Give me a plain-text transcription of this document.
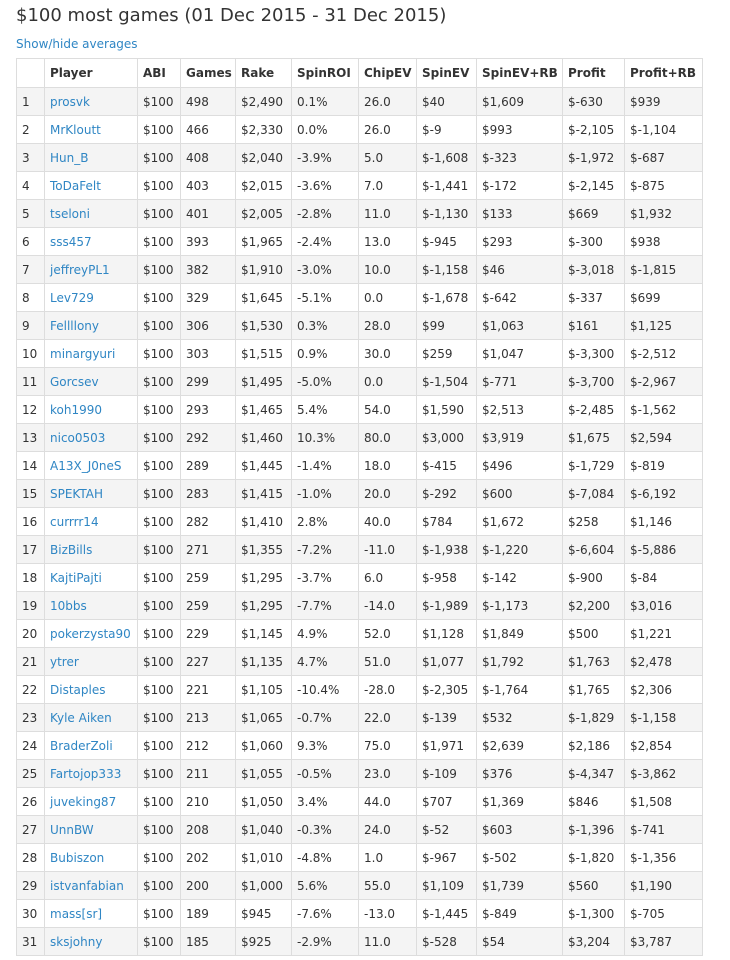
$100 most games (01 Dec 2015 - 31 Dec 2015)
Show/hide averages
	Player	ABI	Games	Rake	SpinROI	ChipEV	SpinEV	SpinEV+RB	Profit	Profit+RB
1	prosvk	$100	498	$2,490	0.1%	26.0	$40	$1,609	$-630	$939
2	MrKloutt	$100	466	$2,330	0.0%	26.0	$-9	$993	$-2,105	$-1,104
3	Hun_B	$100	408	$2,040	-3.9%	5.0	$-1,608	$-323	$-1,972	$-687
4	ToDaFelt	$100	403	$2,015	-3.6%	7.0	$-1,441	$-172	$-2,145	$-875
5	tseloni	$100	401	$2,005	-2.8%	11.0	$-1,130	$133	$669	$1,932
6	sss457	$100	393	$1,965	-2.4%	13.0	$-945	$293	$-300	$938
7	jeffreyPL1	$100	382	$1,910	-3.0%	10.0	$-1,158	$46	$-3,018	$-1,815
8	Lev729	$100	329	$1,645	-5.1%	0.0	$-1,678	$-642	$-337	$699
9	Fellllony	$100	306	$1,530	0.3%	28.0	$99	$1,063	$161	$1,125
10	minargyuri	$100	303	$1,515	0.9%	30.0	$259	$1,047	$-3,300	$-2,512
11	Gorcsev	$100	299	$1,495	-5.0%	0.0	$-1,504	$-771	$-3,700	$-2,967
12	koh1990	$100	293	$1,465	5.4%	54.0	$1,590	$2,513	$-2,485	$-1,562
13	nico0503	$100	292	$1,460	10.3%	80.0	$3,000	$3,919	$1,675	$2,594
14	A13X_J0neS	$100	289	$1,445	-1.4%	18.0	$-415	$496	$-1,729	$-819
15	SPEKTAH	$100	283	$1,415	-1.0%	20.0	$-292	$600	$-7,084	$-6,192
16	currrr14	$100	282	$1,410	2.8%	40.0	$784	$1,672	$258	$1,146
17	BizBills	$100	271	$1,355	-7.2%	-11.0	$-1,938	$-1,220	$-6,604	$-5,886
18	KajtiPajti	$100	259	$1,295	-3.7%	6.0	$-958	$-142	$-900	$-84
19	10bbs	$100	259	$1,295	-7.7%	-14.0	$-1,989	$-1,173	$2,200	$3,016
20	pokerzysta90	$100	229	$1,145	4.9%	52.0	$1,128	$1,849	$500	$1,221
21	ytrer	$100	227	$1,135	4.7%	51.0	$1,077	$1,792	$1,763	$2,478
22	Distaples	$100	221	$1,105	-10.4%	-28.0	$-2,305	$-1,764	$1,765	$2,306
23	Kyle Aiken	$100	213	$1,065	-0.7%	22.0	$-139	$532	$-1,829	$-1,158
24	BraderZoli	$100	212	$1,060	9.3%	75.0	$1,971	$2,639	$2,186	$2,854
25	Fartojop333	$100	211	$1,055	-0.5%	23.0	$-109	$376	$-4,347	$-3,862
26	juveking87	$100	210	$1,050	3.4%	44.0	$707	$1,369	$846	$1,508
27	UnnBW	$100	208	$1,040	-0.3%	24.0	$-52	$603	$-1,396	$-741
28	Bubiszon	$100	202	$1,010	-4.8%	1.0	$-967	$-502	$-1,820	$-1,356
29	istvanfabian	$100	200	$1,000	5.6%	55.0	$1,109	$1,739	$560	$1,190
30	mass[sr]	$100	189	$945	-7.6%	-13.0	$-1,445	$-849	$-1,300	$-705
31	sksjohny	$100	185	$925	-2.9%	11.0	$-528	$54	$3,204	$3,787
